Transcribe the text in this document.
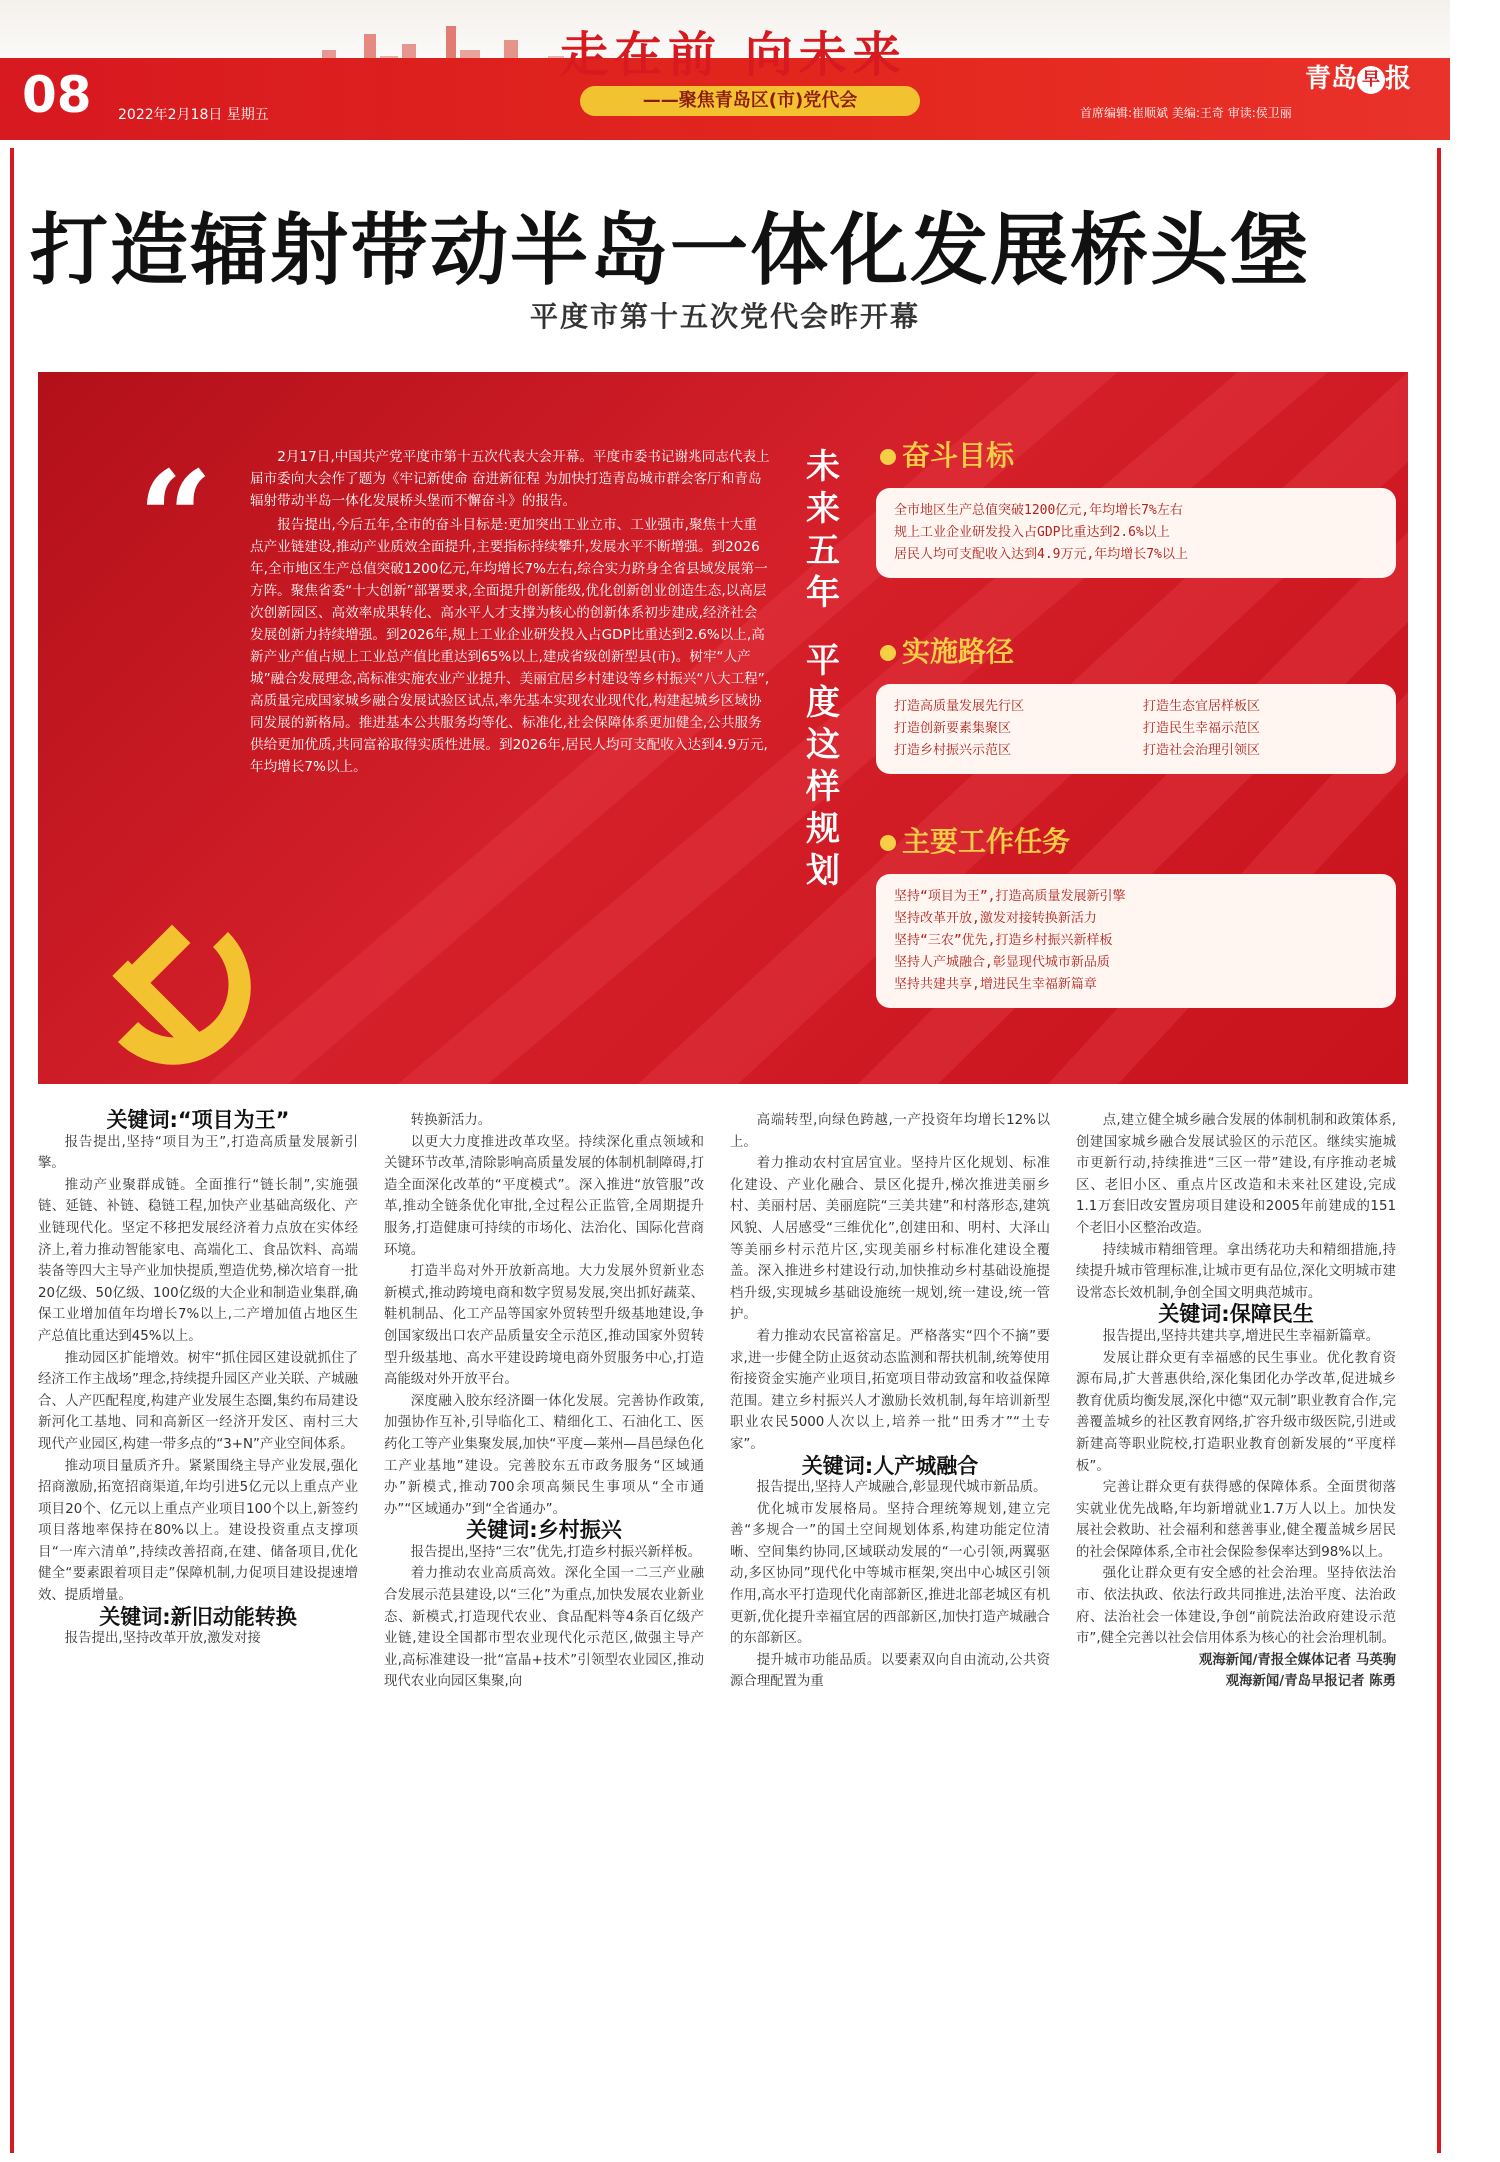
08 2022年2月18日 星期五
走在前 向未来
——聚焦青岛区(市)党代会
青岛 早 报
首席编辑:崔顺斌 美编:王奇 审读:侯卫丽
打造辐射带动半岛一体化发展桥头堡
平度市第十五次党代会昨开幕
“	2月17日,中国共产党平度市第十五次代表大会开幕。平度市委书记谢兆同志代表上届市委向大会作了题为《牢记新使命 奋进新征程 为加快打造青岛城市群会客厅和青岛辐射带动半岛一体化发展桥头堡而不懈奋斗》的报告。

报告提出,今后五年,全市的奋斗目标是:更加突出工业立市、工业强市,聚焦十大重点产业链建设,推动产业质效全面提升,主要指标持续攀升,发展水平不断增强。到2026年,全市地区生产总值突破1200亿元,年均增长7%左右,综合实力跻身全省县域发展第一方阵。聚焦省委“十大创新”部署要求,全面提升创新能级,优化创新创业创造生态,以高层次创新园区、高效率成果转化、高水平人才支撑为核心的创新体系初步建成,经济社会发展创新力持续增强。到2026年,规上工业企业研发投入占GDP比重达到2.6%以上,高新产业产值占规上工业总产值比重达到65%以上,建成省级创新型县(市)。树牢“人产城”融合发展理念,高标准实施农业产业提升、美丽宜居乡村建设等乡村振兴“八大工程”,高质量完成国家城乡融合发展试验区试点,率先基本实现农业现代化,构建起城乡区域协同发展的新格局。推进基本公共服务均等化、标准化,社会保障体系更加健全,公共服务供给更加优质,共同富裕取得实质性进展。到2026年,居民人均可支配收入达到4.9万元,年均增长7%以上。

未
来
五
年
平
度
这
样
规
划
奋斗目标

全市地区生产总值突破1200亿元,年均增长7%左右

规上工业企业研发投入占GDP比重达到2.6%以上

居民人均可支配收入达到4.9万元,年均增长7%以上

实施路径

打造高质量发展先行区	打造生态宜居样板区

打造创新要素集聚区	打造民生幸福示范区

打造乡村振兴示范区	打造社会治理引领区

主要工作任务

坚持“项目为王”,打造高质量发展新引擎

坚持改革开放,激发对接转换新活力

坚持“三农”优先,打造乡村振兴新样板

坚持人产城融合,彰显现代城市新品质

坚持共建共享,增进民生幸福新篇章

关键词:“项目为王”

报告提出,坚持“项目为王”,打造高质量发展新引擎。

推动产业聚群成链。全面推行“链长制”,实施强链、延链、补链、稳链工程,加快产业基础高级化、产业链现代化。坚定不移把发展经济着力点放在实体经济上,着力推动智能家电、高端化工、食品饮料、高端装备等四大主导产业加快提质,塑造优势,梯次培育一批20亿级、50亿级、100亿级的大企业和制造业集群,确保工业增加值年均增长7%以上,二产增加值占地区生产总值比重达到45%以上。

推动园区扩能增效。树牢“抓住园区建设就抓住了经济工作主战场”理念,持续提升园区产业关联、产城融合、人产匹配程度,构建产业发展生态圈,集约布局建设新河化工基地、同和高新区一经济开发区、南村三大现代产业园区,构建一带多点的“3+N”产业空间体系。

推动项目量质齐升。紧紧围绕主导产业发展,强化招商激励,拓宽招商渠道,年均引进5亿元以上重点产业项目20个、亿元以上重点产业项目100个以上,新签约项目落地率保持在80%以上。建设投资重点支撑项目“一库六清单”,持续改善招商,在建、储备项目,优化健全“要素跟着项目走”保障机制,力促项目建设提速增效、提质增量。

关键词:新旧动能转换

报告提出,坚持改革开放,激发对接

转换新活力。

以更大力度推进改革攻坚。持续深化重点领域和关键环节改革,清除影响高质量发展的体制机制障碍,打造全面深化改革的“平度模式”。深入推进“放管服”改革,推动全链条优化审批,全过程公正监管,全周期提升服务,打造健康可持续的市场化、法治化、国际化营商环境。

打造半岛对外开放新高地。大力发展外贸新业态新模式,推动跨境电商和数字贸易发展,突出抓好蔬菜、鞋机制品、化工产品等国家外贸转型升级基地建设,争创国家级出口农产品质量安全示范区,推动国家外贸转型升级基地、高水平建设跨境电商外贸服务中心,打造高能级对外开放平台。

深度融入胶东经济圈一体化发展。完善协作政策,加强协作互补,引导临化工、精细化工、石油化工、医药化工等产业集聚发展,加快“平度—莱州—昌邑绿色化工产业基地”建设。完善胶东五市政务服务“区域通办”新模式,推动700余项高频民生事项从“全市通办”“区域通办”到“全省通办”。

关键词:乡村振兴

报告提出,坚持“三农”优先,打造乡村振兴新样板。

着力推动农业高质高效。深化全国一二三产业融合发展示范县建设,以“三化”为重点,加快发展农业新业态、新模式,打造现代农业、食品配料等4条百亿级产业链,建设全国都市型农业现代化示范区,做强主导产业,高标准建设一批“富晶+技术”引领型农业园区,推动现代农业向园区集聚,向

高端转型,向绿色跨越,一产投资年均增长12%以上。

着力推动农村宜居宜业。坚持片区化规划、标准化建设、产业化融合、景区化提升,梯次推进美丽乡村、美丽村居、美丽庭院“三美共建”和村落形态,建筑风貌、人居感受“三维优化”,创建田和、明村、大泽山等美丽乡村示范片区,实现美丽乡村标准化建设全覆盖。深入推进乡村建设行动,加快推动乡村基础设施提档升级,实现城乡基础设施统一规划,统一建设,统一管护。

着力推动农民富裕富足。严格落实“四个不摘”要求,进一步健全防止返贫动态监测和帮扶机制,统筹使用衔接资金实施产业项目,拓宽项目带动致富和收益保障范围。建立乡村振兴人才激励长效机制,每年培训新型职业农民5000人次以上,培养一批“田秀才”“土专家”。

关键词:人产城融合

报告提出,坚持人产城融合,彰显现代城市新品质。

优化城市发展格局。坚持合理统筹规划,建立完善“多规合一”的国土空间规划体系,构建功能定位清晰、空间集约协同,区域联动发展的“一心引领,两翼驱动,多区协同”现代化中等城市框架,突出中心城区引领作用,高水平打造现代化南部新区,推进北部老城区有机更新,优化提升幸福宜居的西部新区,加快打造产城融合的东部新区。

提升城市功能品质。以要素双向自由流动,公共资源合理配置为重

点,建立健全城乡融合发展的体制机制和政策体系,创建国家城乡融合发展试验区的示范区。继续实施城市更新行动,持续推进“三区一带”建设,有序推动老城区、老旧小区、重点片区改造和未来社区建设,完成1.1万套旧改安置房项目建设和2005年前建成的151个老旧小区整治改造。

持续城市精细管理。拿出绣花功夫和精细措施,持续提升城市管理标准,让城市更有品位,深化文明城市建设常态长效机制,争创全国文明典范城市。

关键词:保障民生

报告提出,坚持共建共享,增进民生幸福新篇章。

发展让群众更有幸福感的民生事业。优化教育资源布局,扩大普惠供给,深化集团化办学改革,促进城乡教育优质均衡发展,深化中德“双元制”职业教育合作,完善覆盖城乡的社区教育网络,扩容升级市级医院,引进或新建高等职业院校,打造职业教育创新发展的“平度样板”。

完善让群众更有获得感的保障体系。全面贯彻落实就业优先战略,年均新增就业1.7万人以上。加快发展社会救助、社会福利和慈善事业,健全覆盖城乡居民的社会保障体系,全市社会保险参保率达到98%以上。

强化让群众更有安全感的社会治理。坚持依法治市、依法执政、依法行政共同推进,法治平度、法治政府、法治社会一体建设,争创“前院法治政府建设示范市”,健全完善以社会信用体系为核心的社会治理机制。

观海新闻/青报全媒体记者 马英驹

观海新闻/青岛早报记者 陈勇
